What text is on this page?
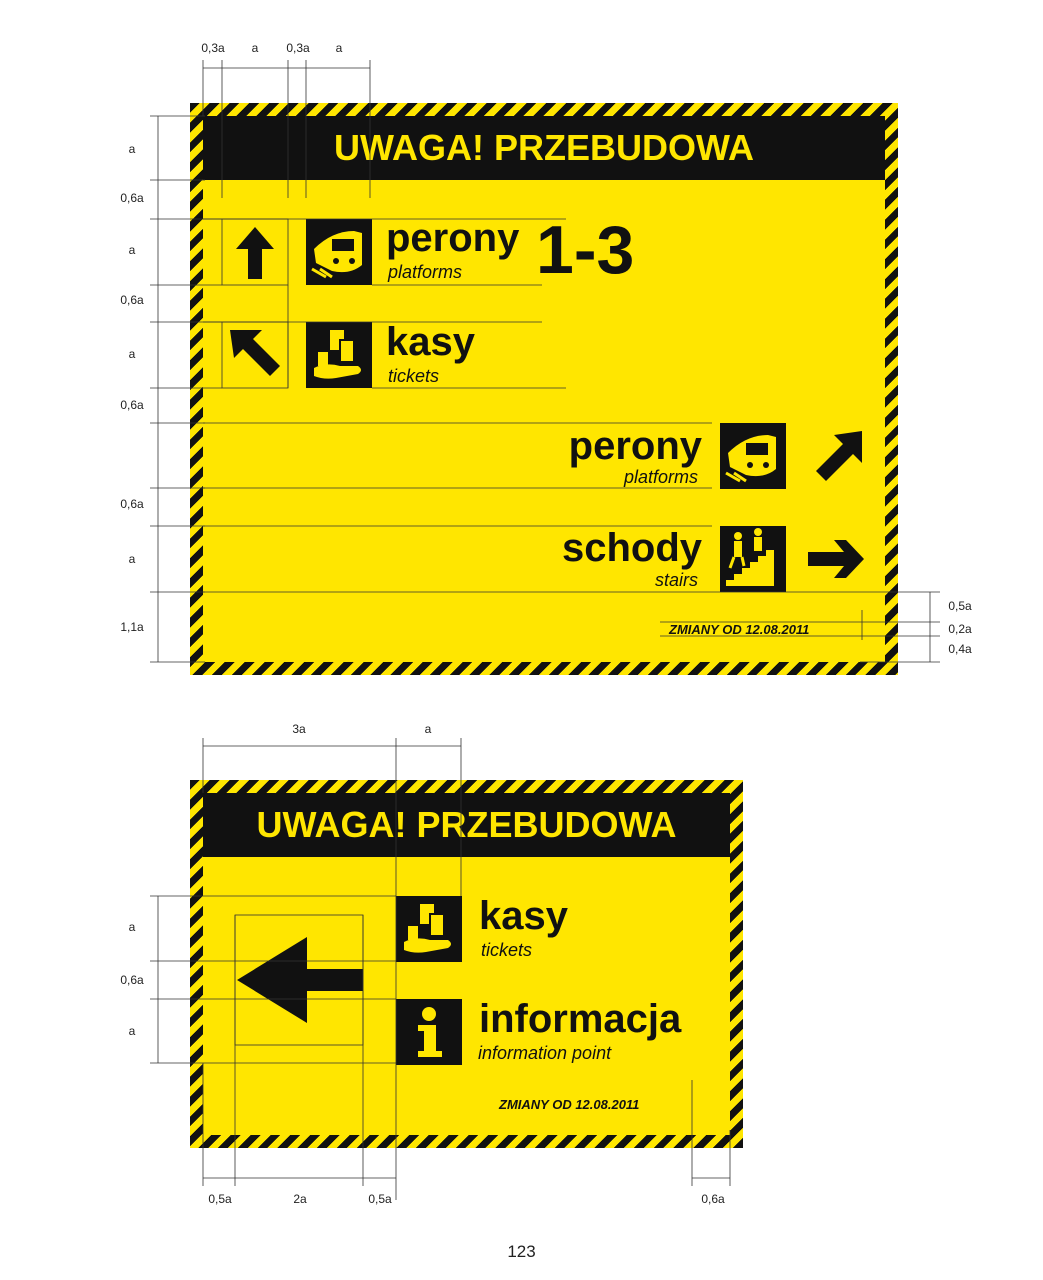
UWAGA! PRZEBUDOWA
perony
platforms 1-3
kasy
tickets
perony
platforms
schody
stairs
ZMIANY OD 12.08.2011
UWAGA! PRZEBUDOWA
kasy
tickets
informacja
information point
ZMIANY OD 12.08.2011
0,3a	a	0,3a	a
a
0,6a
a
0,6a
a
0,6a
0,6a
a
1,1a
0,5a
0,2a
0,4a
3a	a
a
0,6a
a
0,5a	2a	0,5a	0,6a
123
